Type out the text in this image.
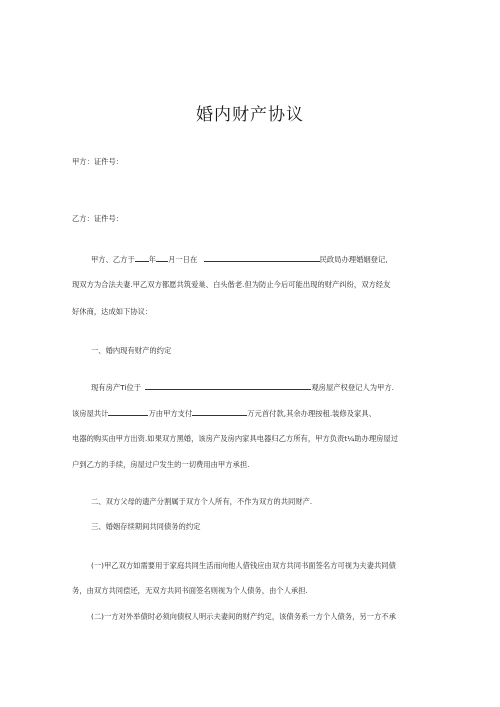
婚内财产协议
甲方：证件号：
乙方：证件号：
甲方、乙方于 年 月一日在	民政局办理婚姻登记,
现双方为合法夫妻.甲乙双方都愿共筑爱巢、白头偕老.但为防止今后可能出现的财产纠纷，双方经友
好休商，达成如下协议：
一、婚内现有财产的约定
现有房产Ti位于	观房屋产权登记人为甲方.
该房屋共计	万由甲方支付	万元首付款,其余办理按租.装修及家具、
电器的购买由甲方出资.如果双方黑婚，该房产及房内家具电器归乙方所有，甲方负责t¼助办理房屋过
户到乙方的手续，房屋过户发生的一切费用由甲方承担.
二、双方父母的遗产分割属于双方个人所有，不作为双方的共同财产.
三、婚姻存续期间共同债务的约定
(一)甲乙双方如需要用于家庭共同生活而向他人借钱应由双方共同书面签名方可视为夫妻共同债
务，由双方共同偿还，无双方共同书面签名则视为个人债务，由个人承担.
(二)一方对外举债时必须向债权人明示夫妻间的财产约定，该债务系一方个人债务，另一方不承
